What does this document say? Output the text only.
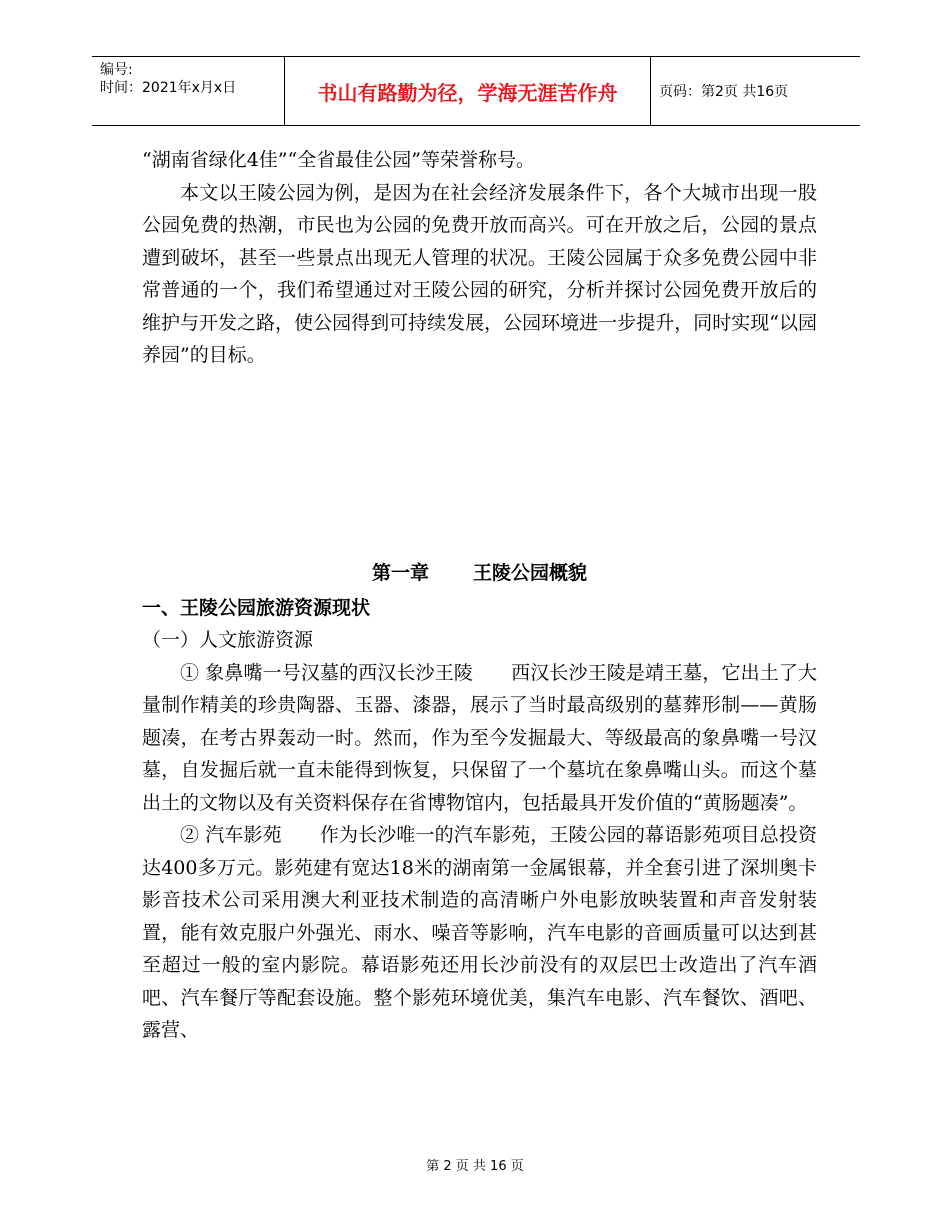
编号:
时间：2021年x月x日	书山有路勤为径，学海无涯苦作舟	页码：第2页 共16页

“湖南省绿化4佳”“全省最佳公园”等荣誉称号。

本文以王陵公园为例，是因为在社会经济发展条件下，各个大城市出现一股公园免费的热潮，市民也为公园的免费开放而高兴。可在开放之后，公园的景点遭到破坏，甚至一些景点出现无人管理的状况。王陵公园属于众多免费公园中非常普通的一个，我们希望通过对王陵公园的研究，分析并探讨公园免费开放后的维护与开发之路，使公园得到可持续发展，公园环境进一步提升，同时实现“以园养园”的目标。

第一章 王陵公园概貌

一、王陵公园旅游资源现状

（一）人文旅游资源

① 象鼻嘴一号汉墓的西汉长沙王陵 西汉长沙王陵是靖王墓，它出土了大量制作精美的珍贵陶器、玉器、漆器，展示了当时最高级别的墓葬形制——黄肠题凑，在考古界轰动一时。然而，作为至今发掘最大、等级最高的象鼻嘴一号汉墓，自发掘后就一直未能得到恢复，只保留了一个墓坑在象鼻嘴山头。而这个墓出土的文物以及有关资料保存在省博物馆内，包括最具开发价值的“黄肠题凑”。

② 汽车影苑 作为长沙唯一的汽车影苑，王陵公园的幕语影苑项目总投资达400多万元。影苑建有宽达18米的湖南第一金属银幕，并全套引进了深圳奥卡影音技术公司采用澳大利亚技术制造的高清晰户外电影放映装置和声音发射装置，能有效克服户外强光、雨水、噪音等影响，汽车电影的音画质量可以达到甚至超过一般的室内影院。幕语影苑还用长沙前没有的双层巴士改造出了汽车酒吧、汽车餐厅等配套设施。整个影苑环境优美，集汽车电影、汽车餐饮、酒吧、露营、

第 2 页 共 16 页
